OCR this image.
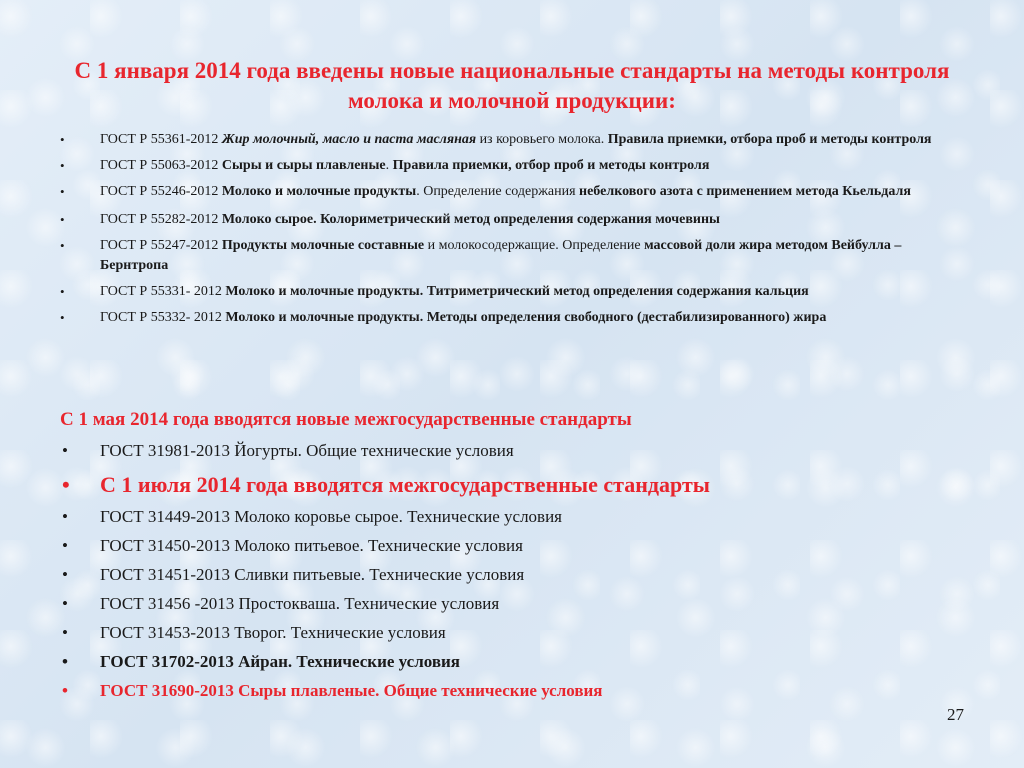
С 1 января 2014 года введены новые национальные стандарты на методы контроля молока и молочной продукции:
•	ГОСТ Р 55361-2012 Жир молочный, масло и паста масляная из коровьего молока. Правила приемки, отбора проб и методы контроля
•	ГОСТ Р 55063-2012 Сыры и сыры плавленые. Правила приемки, отбор проб и методы контроля
•	ГОСТ Р 55246-2012 Молоко и молочные продукты. Определение содержания небелкового азота с применением метода Кьельдаля
•	ГОСТ Р 55282-2012 Молоко сырое. Колориметрический метод определения содержания мочевины
•	ГОСТ Р 55247-2012 Продукты молочные составные и молокосодержащие. Определение массовой доли жира методом Вейбулла – Бернтропа
•	ГОСТ Р 55331- 2012 Молоко и молочные продукты. Титриметрический метод определения содержания кальция
•	ГОСТ Р 55332- 2012 Молоко и молочные продукты. Методы определения свободного (дестабилизированного) жира
С 1 мая 2014 года вводятся новые межгосударственные стандарты
• ГОСТ 31981-2013 Йогурты. Общие технические условия
• С 1 июля 2014 года вводятся межгосударственные стандарты
• ГОСТ 31449-2013 Молоко коровье сырое. Технические условия
• ГОСТ 31450-2013 Молоко питьевое. Технические условия
• ГОСТ 31451-2013 Сливки питьевые. Технические условия
• ГОСТ 31456 -2013 Простокваша. Технические условия
• ГОСТ 31453-2013 Творог. Технические условия
• ГОСТ 31702-2013 Айран. Технические условия
• ГОСТ 31690-2013 Сыры плавленые. Общие технические условия
27
